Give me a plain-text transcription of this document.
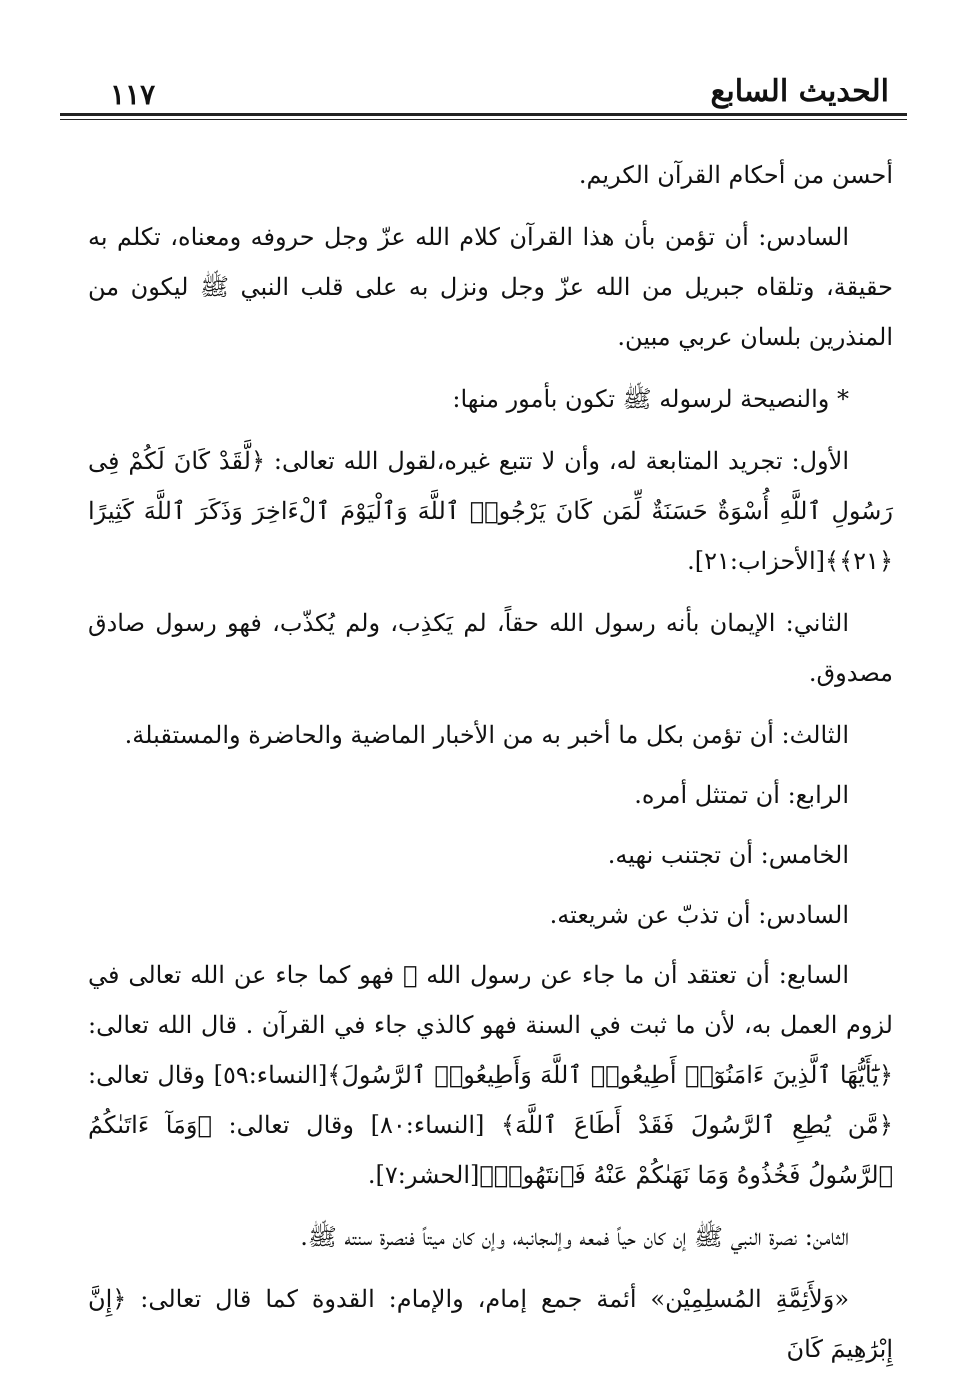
١١٧	الحديث السابع

أحسن من أحكام القرآن الكريم.

السادس: أن تؤمن بأن هذا القرآن كلام الله عزّ وجل حروفه ومعناه، تكلم به حقيقة، وتلقاه جبريل من الله عزّ وجل ونزل به على قلب النبي ﷺ ليكون من المنذرين بلسان عربي مبين.

* والنصيحة لرسوله ﷺ تكون بأمور منها:

الأول: تجريد المتابعة له، وأن لا تتبع غيره،لقول الله تعالى: ﴿لَّقَدْ كَانَ لَكُمْ فِى رَسُولِ ٱللَّهِ أُسْوَةٌ حَسَنَةٌ لِّمَن كَانَ يَرْجُوا۟ ٱللَّهَ وَٱلْيَوْمَ ٱلْءَاخِرَ وَذَكَرَ ٱللَّهَ كَثِيرًا ﴿٢١﴾﴾[الأحزاب:٢١].

الثاني: الإيمان بأنه رسول الله حقاً، لم يَكذِب، ولم يُكذّب، فهو رسول صادق مصدوق.

الثالث: أن تؤمن بكل ما أخبر به من الأخبار الماضية والحاضرة والمستقبلة.

الرابع: أن تمتثل أمره.

الخامس: أن تجتنب نهيه.

السادس: أن تذبّ عن شريعته.

السابع: أن تعتقد أن ما جاء عن رسول الله ﷺ فهو كما جاء عن الله تعالى في لزوم العمل به، لأن ما ثبت في السنة فهو كالذي جاء في القرآن . قال الله تعالى: ﴿يَٰٓأَيُّهَا ٱلَّذِينَ ءَامَنُوٓا۟ أَطِيعُوا۟ ٱللَّهَ وَأَطِيعُوا۟ ٱلرَّسُولَ﴾[النساء:٥٩] وقال تعالى: ﴿مَّن يُطِعِ ٱلرَّسُولَ فَقَدْ أَطَاعَ ٱللَّهَ﴾ [النساء:٨٠] وقال تعالى: ﴿وَمَآ ءَاتَىٰكُمُ ٱلرَّسُولُ فَخُذُوهُ وَمَا نَهَىٰكُمْ عَنْهُ فَٱنتَهُوا۟﴾[الحشر:٧].

الثامن: نصرة النبي ﷺ إن كان حياً فمعه وإلىجانبه، وإن كان ميتاً فنصرة سنته ﷺ.

«وَلأَئِمَّةِ المُسلِمِيْن» أئمة جمع إمام، والإمام: القدوة كما قال تعالى: ﴿إِنَّ إِبْرَٰهِيمَ كَانَ
